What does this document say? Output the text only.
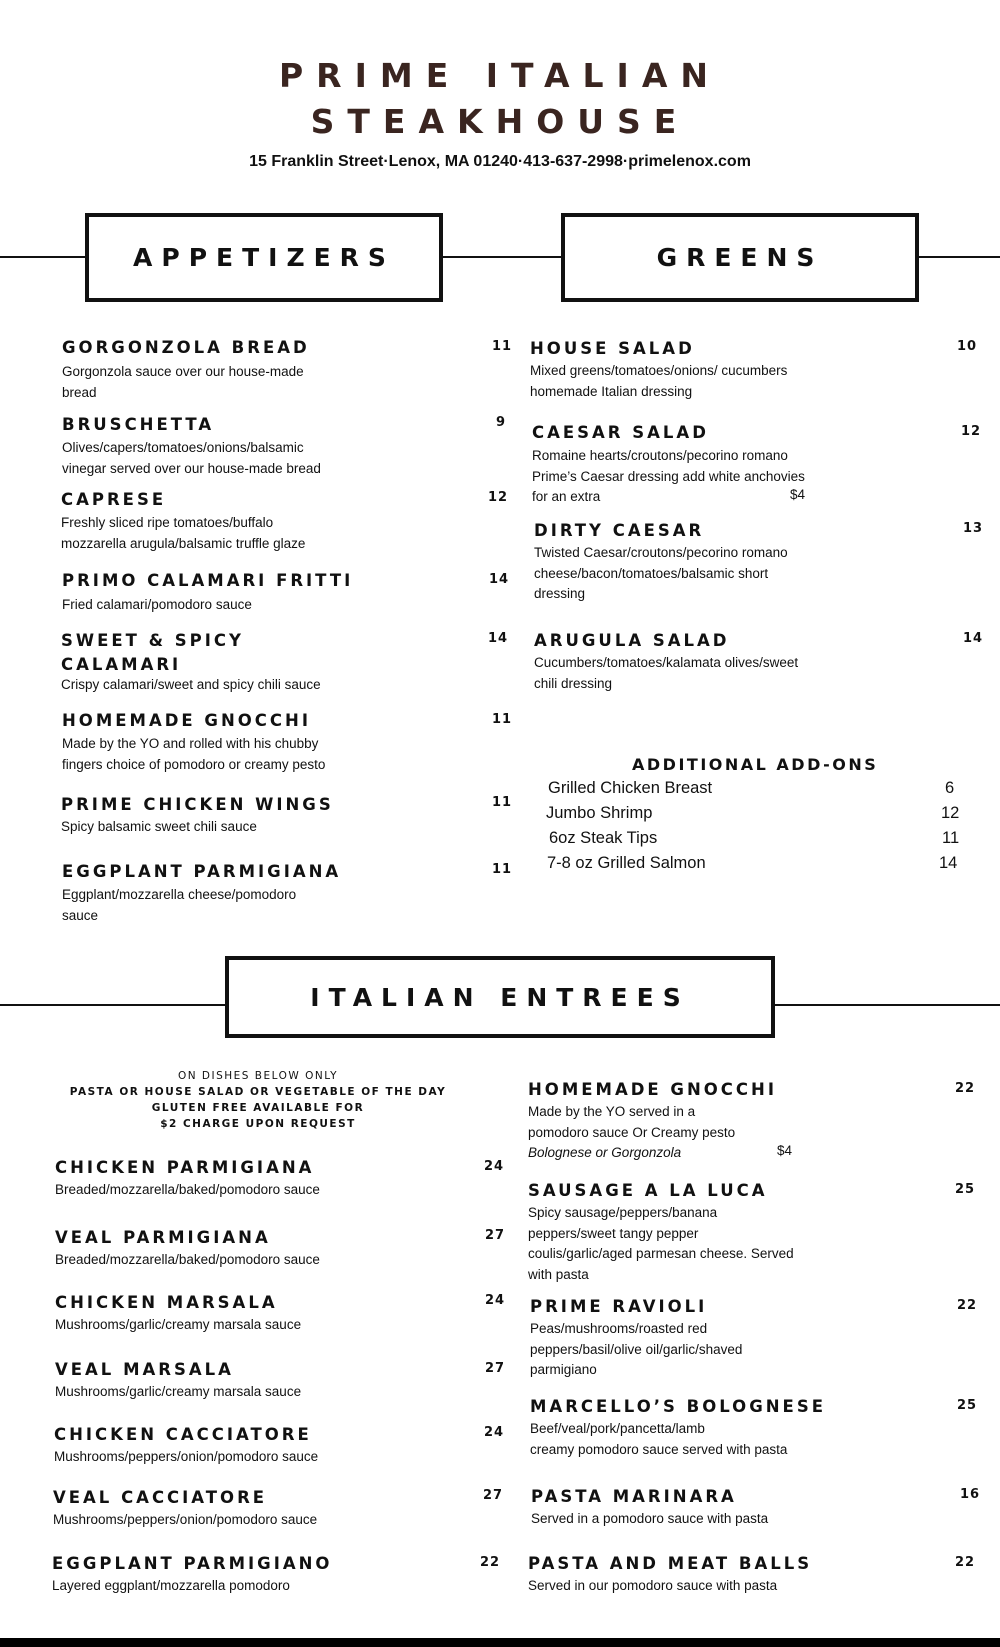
PRIME ITALIAN
STEAKHOUSE
15 Franklin Street·Lenox, MA 01240·413-637-2998·primelenox.com
APPETIZERS	GREENS
GORGONZOLA BREAD	11
Gorgonzola sauce over our house-made
bread
BRUSCHETTA	9
Olives/capers/tomatoes/onions/balsamic
vinegar served over our house-made bread
CAPRESE	12
Freshly sliced ripe tomatoes/buffalo
mozzarella arugula/balsamic truffle glaze
PRIMO CALAMARI FRITTI	14
Fried calamari/pomodoro sauce
SWEET & SPICY
CALAMARI
14
Crispy calamari/sweet and spicy chili sauce
HOMEMADE GNOCCHI	11
Made by the YO and rolled with his chubby
fingers choice of pomodoro or creamy pesto
PRIME CHICKEN WINGS	11
Spicy balsamic sweet chili sauce
EGGPLANT PARMIGIANA	11
Eggplant/mozzarella cheese/pomodoro
sauce
HOUSE SALAD	10
Mixed greens/tomatoes/onions/ cucumbers
homemade Italian dressing
CAESAR SALAD	12
Romaine hearts/croutons/pecorino romano
Prime’s Caesar dressing add white anchovies
for an extra	$4
DIRTY CAESAR	13
Twisted Caesar/croutons/pecorino romano
cheese/bacon/tomatoes/balsamic short
dressing
ARUGULA SALAD	14
Cucumbers/tomatoes/kalamata olives/sweet
chili dressing
ADDITIONAL ADD-ONS
Grilled Chicken Breast	6
Jumbo Shrimp	12
6oz Steak Tips	11
7-8 oz Grilled Salmon	14
ITALIAN ENTREES
ON DISHES BELOW ONLY
PASTA OR HOUSE SALAD OR VEGETABLE OF THE DAY
GLUTEN FREE AVAILABLE FOR
$2 CHARGE UPON REQUEST
CHICKEN PARMIGIANA	24
Breaded/mozzarella/baked/pomodoro sauce
VEAL PARMIGIANA	27
Breaded/mozzarella/baked/pomodoro sauce
CHICKEN MARSALA	24
Mushrooms/garlic/creamy marsala sauce
VEAL MARSALA	27
Mushrooms/garlic/creamy marsala sauce
CHICKEN CACCIATORE	24
Mushrooms/peppers/onion/pomodoro sauce
VEAL CACCIATORE	27
Mushrooms/peppers/onion/pomodoro sauce
EGGPLANT PARMIGIANO	22
Layered eggplant/mozzarella pomodoro
HOMEMADE GNOCCHI	22
Made by the YO served in a
pomodoro sauce Or Creamy pesto
Bolognese or Gorgonzola	$4
SAUSAGE A LA LUCA	25
Spicy sausage/peppers/banana
peppers/sweet tangy pepper
coulis/garlic/aged parmesan cheese. Served
with pasta
PRIME RAVIOLI	22
Peas/mushrooms/roasted red
peppers/basil/olive oil/garlic/shaved
parmigiano
MARCELLO’S BOLOGNESE	25
Beef/veal/pork/pancetta/lamb
creamy pomodoro sauce served with pasta
PASTA MARINARA	16
Served in a pomodoro sauce with pasta
PASTA AND MEAT BALLS	22
Served in our pomodoro sauce with pasta
